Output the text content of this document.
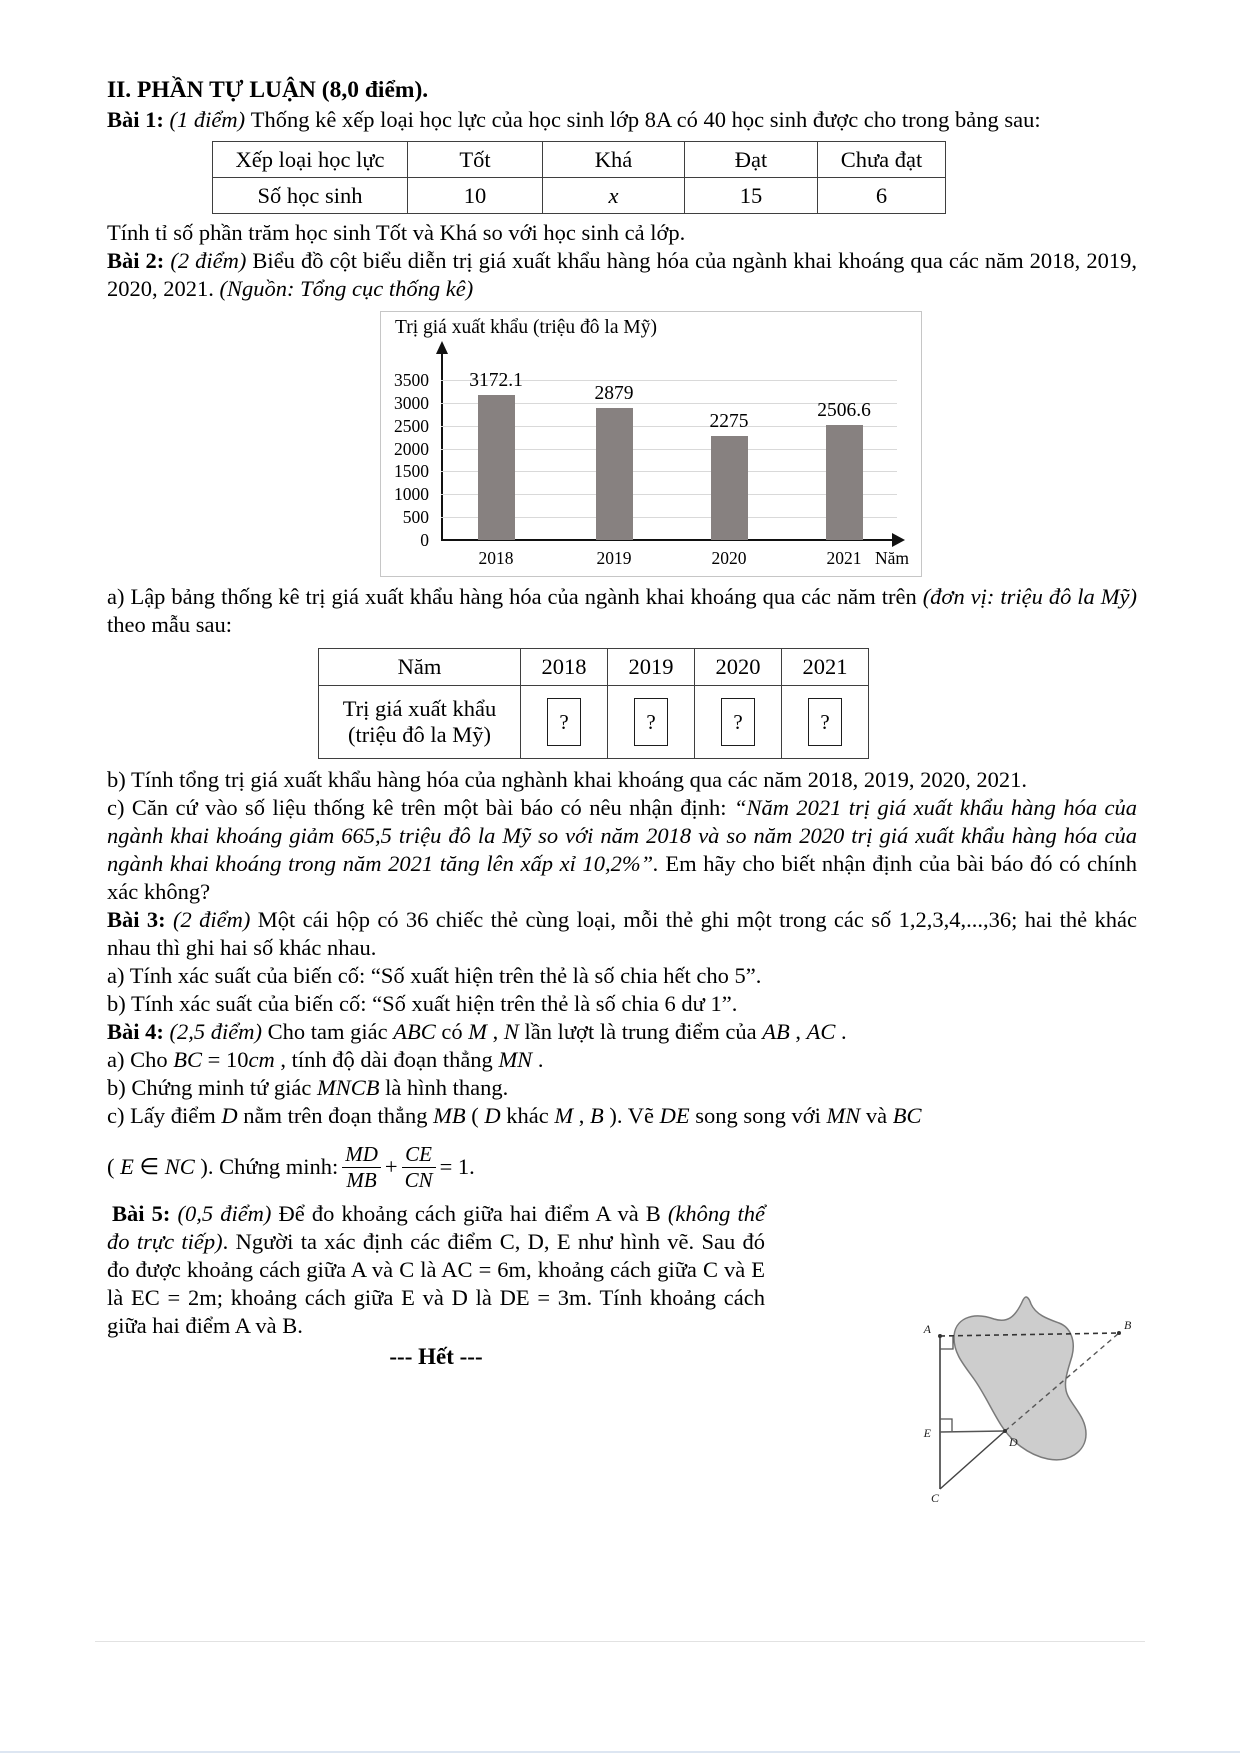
II. PHẦN TỰ LUẬN (8,0 điểm).

Bài 1: (1 điểm) Thống kê xếp loại học lực của học sinh lớp 8A có 40 học sinh được cho trong bảng sau:

Xếp loại học lực	Tốt	Khá	Đạt	Chưa đạt
Số học sinh	10	x	15	6

Tính tỉ số phần trăm học sinh Tốt và Khá so với học sinh cả lớp.

Bài 2: (2 điểm) Biểu đồ cột biểu diễn trị giá xuất khẩu hàng hóa của ngành khai khoáng qua các năm 2018, 2019, 2020, 2021. (Nguồn: Tổng cục thống kê)

Trị giá xuất khẩu (triệu đô la Mỹ)
Năm
0
500
1000
1500
2000
2500
3000
3500	3172.1
2018
2879
2019
2275
2020
2506.6
2021

a) Lập bảng thống kê trị giá xuất khẩu hàng hóa của ngành khai khoáng qua các năm trên (đơn vị: triệu đô la Mỹ) theo mẫu sau:

Năm	2018	2019	2020	2021

Trị giá xuất khẩu
(triệu đô la Mỹ)	?	?	?	?

b) Tính tổng trị giá xuất khẩu hàng hóa của nghành khai khoáng qua các năm 2018, 2019, 2020, 2021.

c) Căn cứ vào số liệu thống kê trên một bài báo có nêu nhận định: “Năm 2021 trị giá xuất khẩu hàng hóa của ngành khai khoáng giảm 665,5 triệu đô la Mỹ so với năm 2018 và so năm 2020 trị giá xuất khẩu hàng hóa của ngành khai khoáng trong năm 2021 tăng lên xấp xỉ 10,2%”. Em hãy cho biết nhận định của bài báo đó có chính xác không?

Bài 3: (2 điểm) Một cái hộp có 36 chiếc thẻ cùng loại, mỗi thẻ ghi một trong các số 1,2,3,4,...,36; hai thẻ khác nhau thì ghi hai số khác nhau.

a) Tính xác suất của biến cố: “Số xuất hiện trên thẻ là số chia hết cho 5”.

b) Tính xác suất của biến cố: “Số xuất hiện trên thẻ là số chia 6 dư 1”.

Bài 4: (2,5 điểm) Cho tam giác ABC có M , N lần lượt là trung điểm của AB , AC .

a) Cho BC = 10cm , tính độ dài đoạn thẳng MN .

b) Chứng minh tứ giác MNCB là hình thang.

c) Lấy điểm D nằm trên đoạn thẳng MB ( D khác M , B ). Vẽ DE song song với MN và BC

( E ∈ NC ). Chứng minh: $\frac{MD}{MB} + \frac{CE}{CN} = 1$ .

Bài 5: (0,5 điểm) Để đo khoảng cách giữa hai điểm A và B (không thể đo trực tiếp). Người ta xác định các điểm C, D, E như hình vẽ. Sau đó đo được khoảng cách giữa A và C là AC = 6m, khoảng cách giữa C và E là EC = 2m; khoảng cách giữa E và D là DE = 3m. Tính khoảng cách giữa hai điểm A và B.

--- Hết ---
A	B
E
D
C
